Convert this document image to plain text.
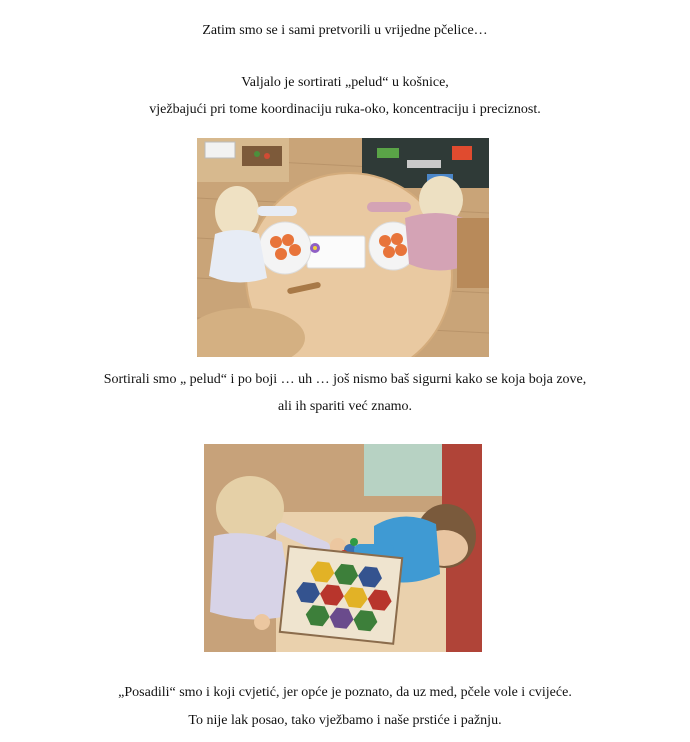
Zatim smo se i sami pretvorili u vrijedne pčelice…
Valjalo je sortirati „pelud“ u košnice,
vježbajući pri tome koordinaciju ruka-oko, koncentraciju i preciznost.
Sortirali smo „ pelud“ i po boji … uh … još nismo baš sigurni kako se koja boja zove,
ali ih spariti već znamo.
„Posadili“ smo i koji cvjetić, jer opće je poznato, da uz med, pčele vole i cvijeće.
To nije lak posao, tako vježbamo i naše prstiće i pažnju.
